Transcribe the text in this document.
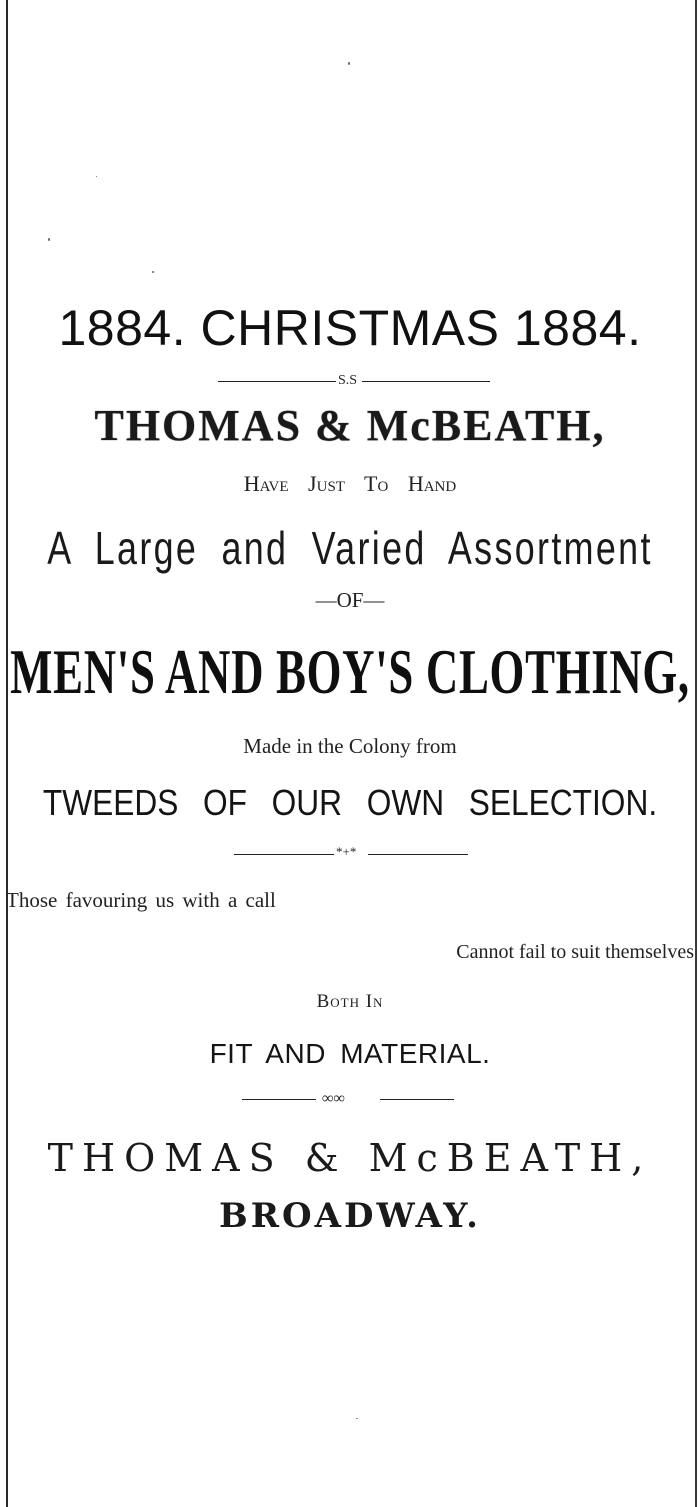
1884. CHRISTMAS 1884.
S.S
THOMAS & McBEATH,
Have Just To Hand
A Large and Varied Assortment
—OF—
MEN'S AND BOY'S CLOTHING,
Made in the Colony from
TWEEDS OF OUR OWN SELECTION.
*+*
Those favouring us with a call
Cannot fail to suit themselves
Both In
FIT AND MATERIAL.
∞∞
THOMAS & McBEATH,
BROADWAY.
